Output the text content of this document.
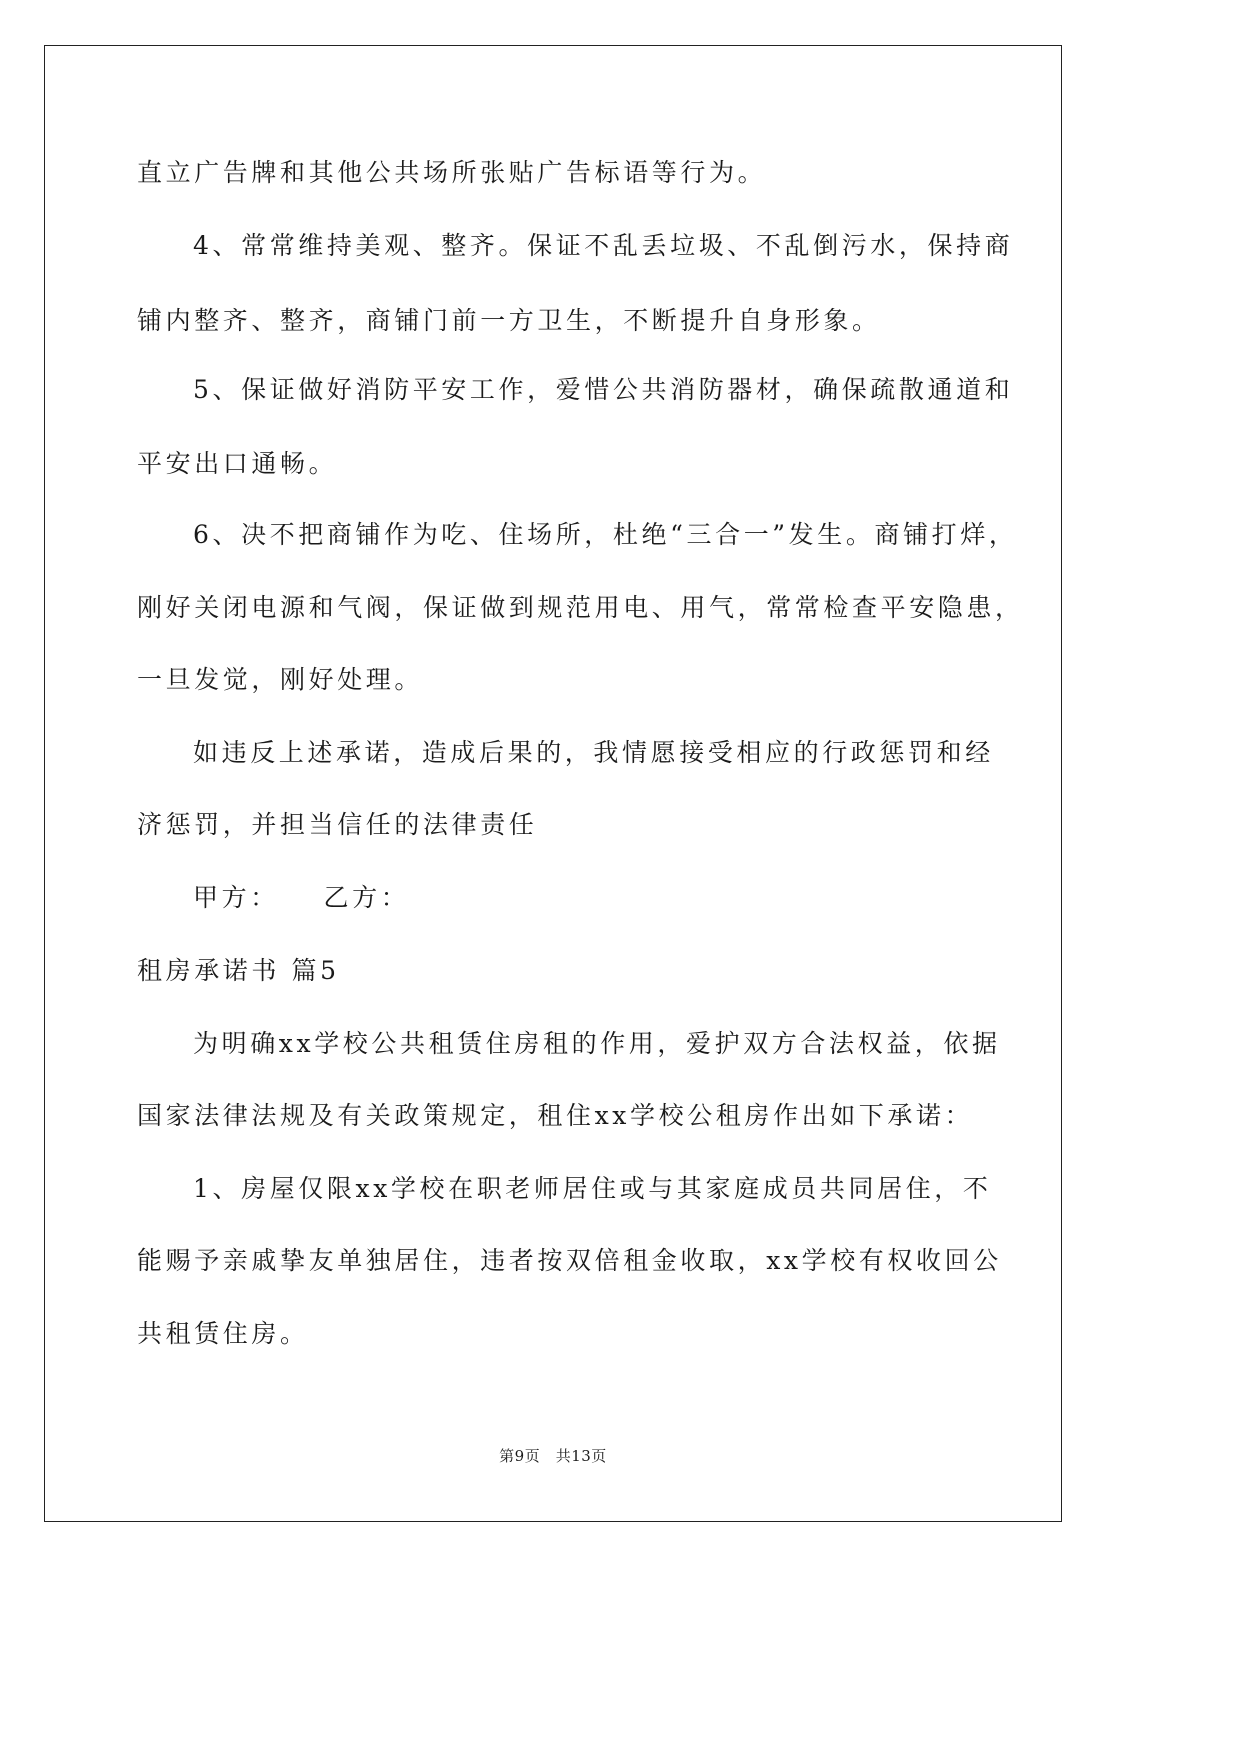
直立广告牌和其他公共场所张贴广告标语等行为。
4、常常维持美观、整齐。保证不乱丢垃圾、不乱倒污水，保持商
铺内整齐、整齐，商铺门前一方卫生，不断提升自身形象。
5、保证做好消防平安工作，爱惜公共消防器材，确保疏散通道和
平安出口通畅。
6、决不把商铺作为吃、住场所，杜绝“三合一”发生。商铺打烊，
刚好关闭电源和气阀，保证做到规范用电、用气，常常检查平安隐患，
一旦发觉，刚好处理。
如违反上述承诺，造成后果的，我情愿接受相应的行政惩罚和经
济惩罚，并担当信任的法律责任
甲方：　　乙方：
租房承诺书 篇5
为明确xx学校公共租赁住房租的作用，爱护双方合法权益，依据
国家法律法规及有关政策规定，租住xx学校公租房作出如下承诺：
1、房屋仅限xx学校在职老师居住或与其家庭成员共同居住，不
能赐予亲戚挚友单独居住，违者按双倍租金收取，xx学校有权收回公
共租赁住房。
第9页　共13页
